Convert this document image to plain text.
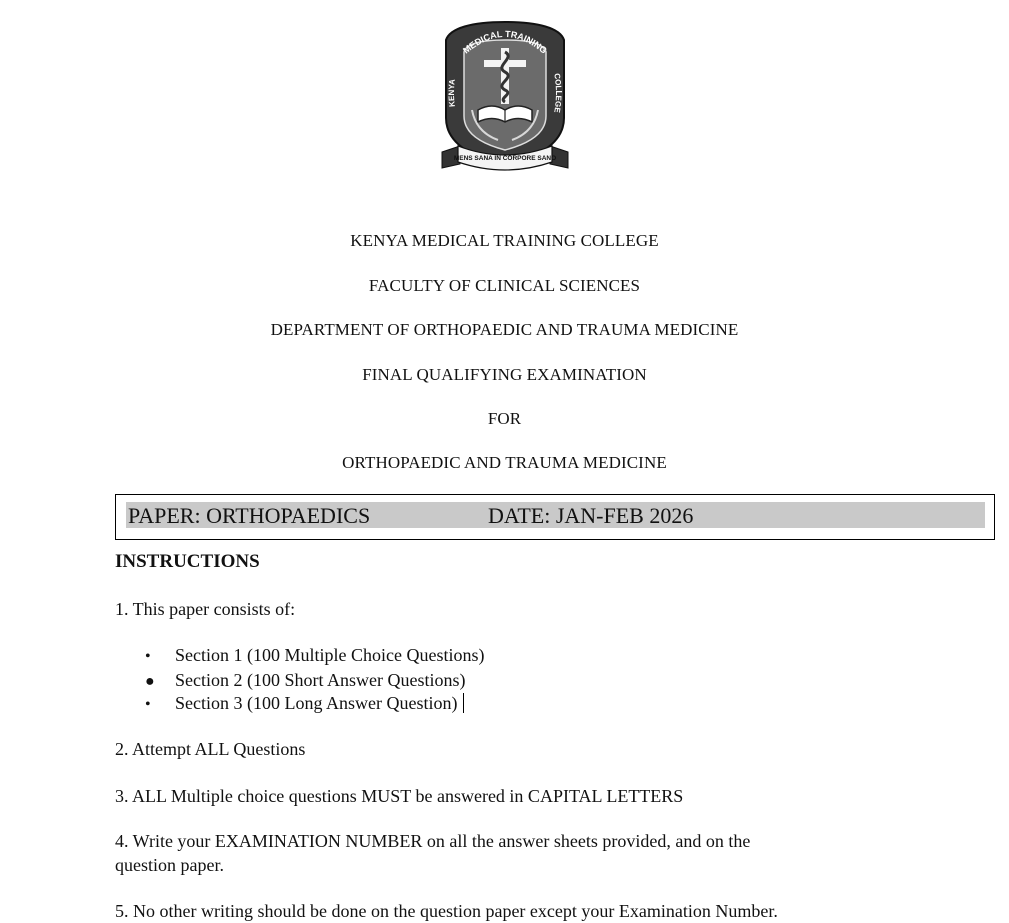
MEDICAL TRAINING
KENYA
COLLEGE
MENS SANA IN CORPORE SANO
KENYA MEDICAL TRAINING COLLEGE
FACULTY OF CLINICAL SCIENCES
DEPARTMENT OF ORTHOPAEDIC AND TRAUMA MEDICINE
FINAL QUALIFYING EXAMINATION
FOR
ORTHOPAEDIC AND TRAUMA MEDICINE
PAPER: ORTHOPAEDICS	DATE: JAN-FEB 2026
INSTRUCTIONS
1. This paper consists of:
• Section 1 (100 Multiple Choice Questions)
● Section 2 (100 Short Answer Questions)
• Section 3 (100 Long Answer Question)
2. Attempt ALL Questions
3. ALL Multiple choice questions MUST be answered in CAPITAL LETTERS
4. Write your EXAMINATION NUMBER on all the answer sheets provided, and on the
question paper.
5. No other writing should be done on the question paper except your Examination Number.
